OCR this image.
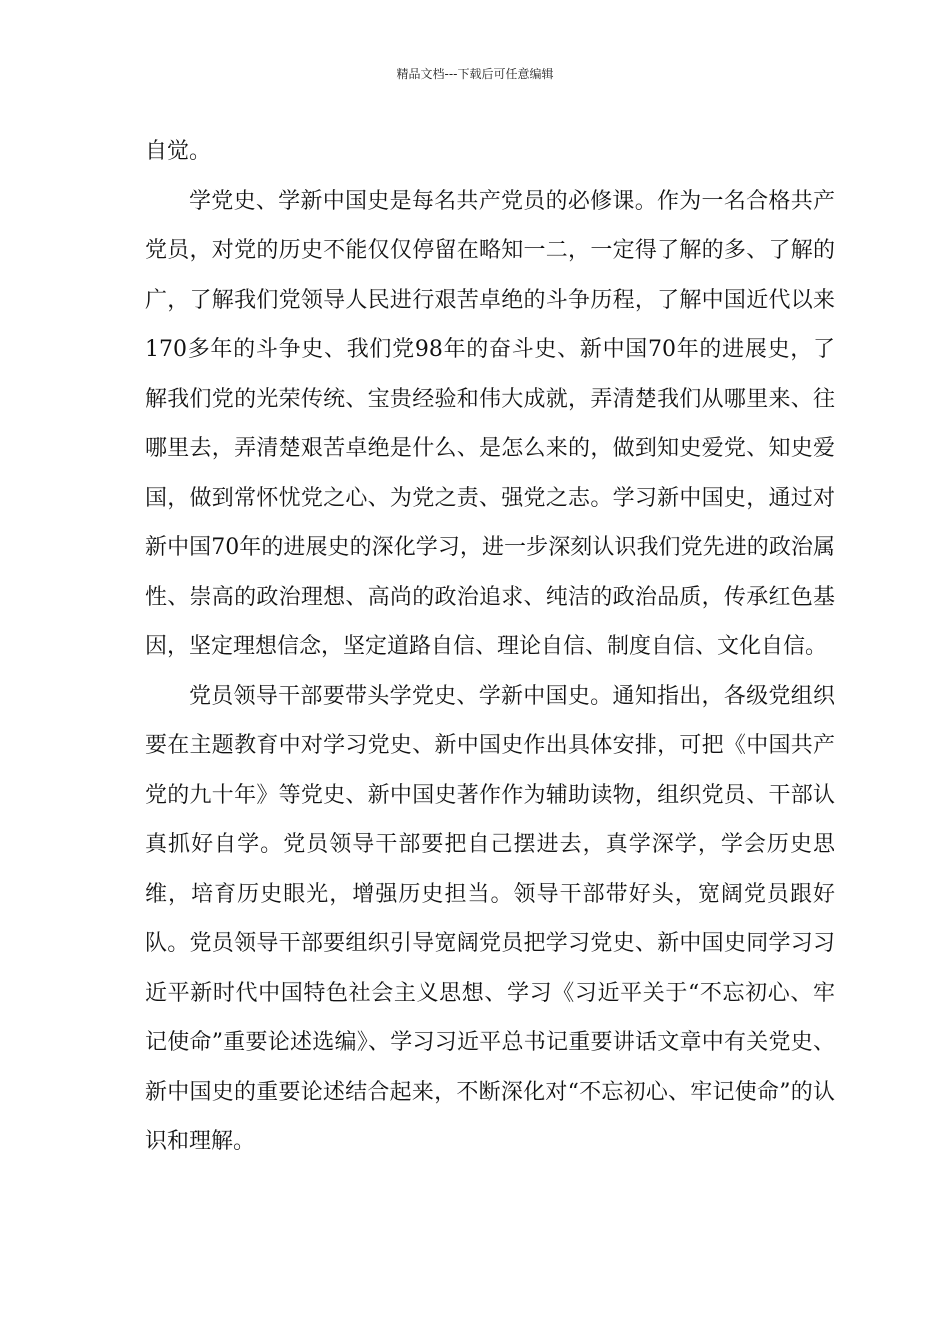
精品文档---下载后可任意编辑

自觉。

学党史、学新中国史是每名共产党员的必修课。作为一名合格共产党员，对党的历史不能仅仅停留在略知一二，一定得了解的多、了解的广，了解我们党领导人民进行艰苦卓绝的斗争历程，了解中国近代以来170多年的斗争史、我们党98年的奋斗史、新中国70年的进展史，了解我们党的光荣传统、宝贵经验和伟大成就，弄清楚我们从哪里来、往哪里去，弄清楚艰苦卓绝是什么、是怎么来的，做到知史爱党、知史爱国，做到常怀忧党之心、为党之责、强党之志。学习新中国史，通过对新中国70年的进展史的深化学习，进一步深刻认识我们党先进的政治属性、崇高的政治理想、高尚的政治追求、纯洁的政治品质，传承红色基因，坚定理想信念，坚定道路自信、理论自信、制度自信、文化自信。

党员领导干部要带头学党史、学新中国史。通知指出，各级党组织要在主题教育中对学习党史、新中国史作出具体安排，可把《中国共产党的九十年》等党史、新中国史著作作为辅助读物，组织党员、干部认真抓好自学。党员领导干部要把自己摆进去，真学深学，学会历史思维，培育历史眼光，增强历史担当。领导干部带好头，宽阔党员跟好队。党员领导干部要组织引导宽阔党员把学习党史、新中国史同学习习近平新时代中国特色社会主义思想、学习《习近平关于“不忘初心、牢记使命”重要论述选编》、学习习近平总书记重要讲话文章中有关党史、新中国史的重要论述结合起来，不断深化对“不忘初心、牢记使命”的认识和理解。
